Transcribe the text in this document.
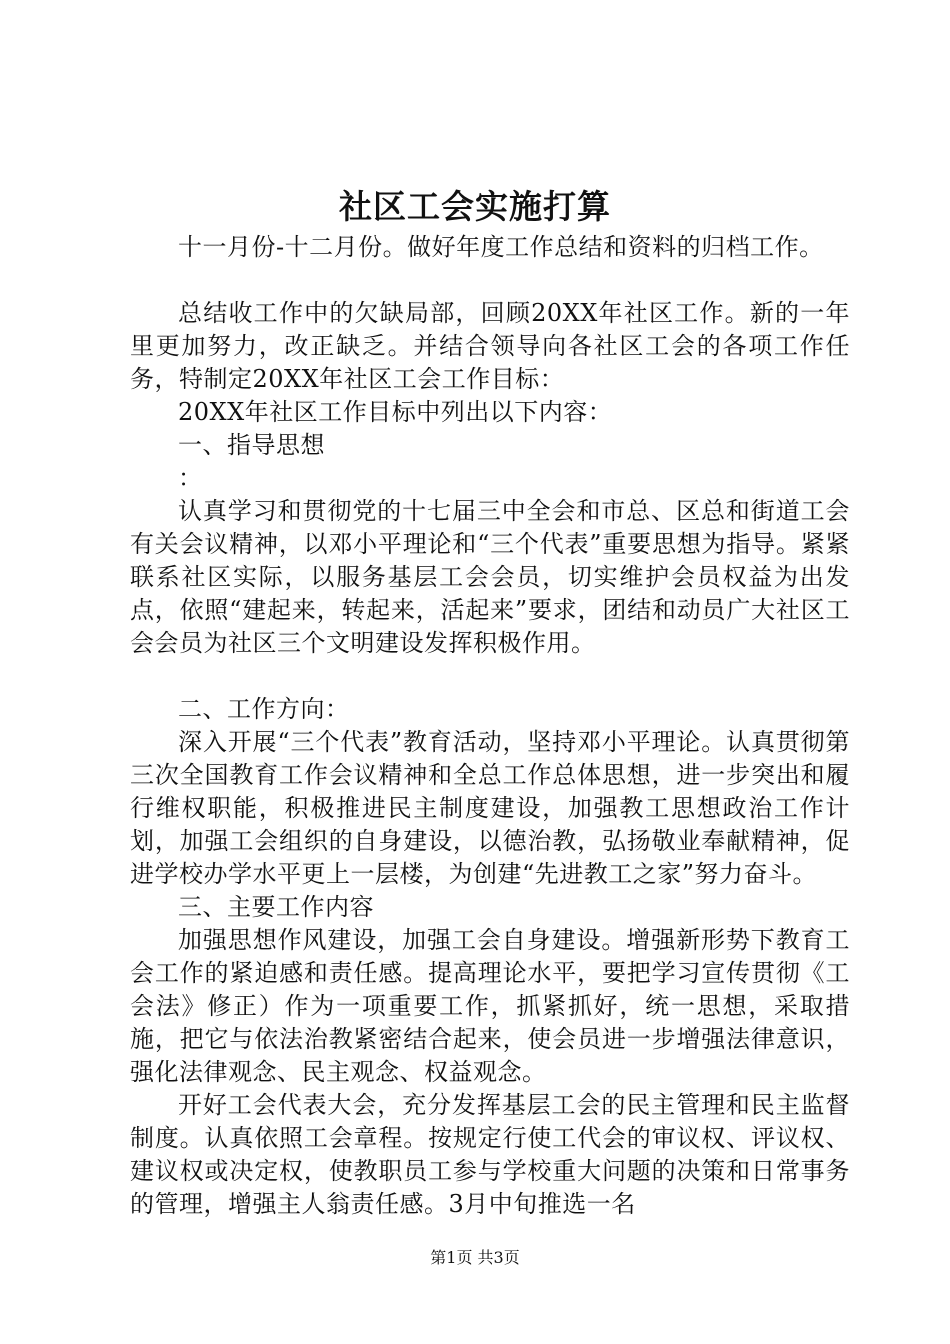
社区工会实施打算

十一月份-十二月份。做好年度工作总结和资料的归档工作。

总结收工作中的欠缺局部，回顾20XX年社区工作。新的一年里更加努力，改正缺乏。并结合领导向各社区工会的各项工作任务，特制定20XX年社区工会工作目标：

20XX年社区工作目标中列出以下内容：

一、指导思想

：

认真学习和贯彻党的十七届三中全会和市总、区总和街道工会有关会议精神，以邓小平理论和“三个代表”重要思想为指导。紧紧联系社区实际，以服务基层工会会员，切实维护会员权益为出发点，依照“建起来，转起来，活起来”要求，团结和动员广大社区工会会员为社区三个文明建设发挥积极作用。

二、工作方向：

深入开展“三个代表”教育活动，坚持邓小平理论。认真贯彻第三次全国教育工作会议精神和全总工作总体思想，进一步突出和履行维权职能，积极推进民主制度建设，加强教工思想政治工作计划，加强工会组织的自身建设，以德治教，弘扬敬业奉献精神，促进学校办学水平更上一层楼，为创建“先进教工之家”努力奋斗。

三、主要工作内容

加强思想作风建设，加强工会自身建设。增强新形势下教育工会工作的紧迫感和责任感。提高理论水平，要把学习宣传贯彻《工会法》修正）作为一项重要工作，抓紧抓好，统一思想，采取措施，把它与依法治教紧密结合起来，使会员进一步增强法律意识，强化法律观念、民主观念、权益观念。

开好工会代表大会，充分发挥基层工会的民主管理和民主监督制度。认真依照工会章程。按规定行使工代会的审议权、评议权、建议权或决定权，使教职员工参与学校重大问题的决策和日常事务的管理，增强主人翁责任感。3月中旬推选一名

第1页 共3页
